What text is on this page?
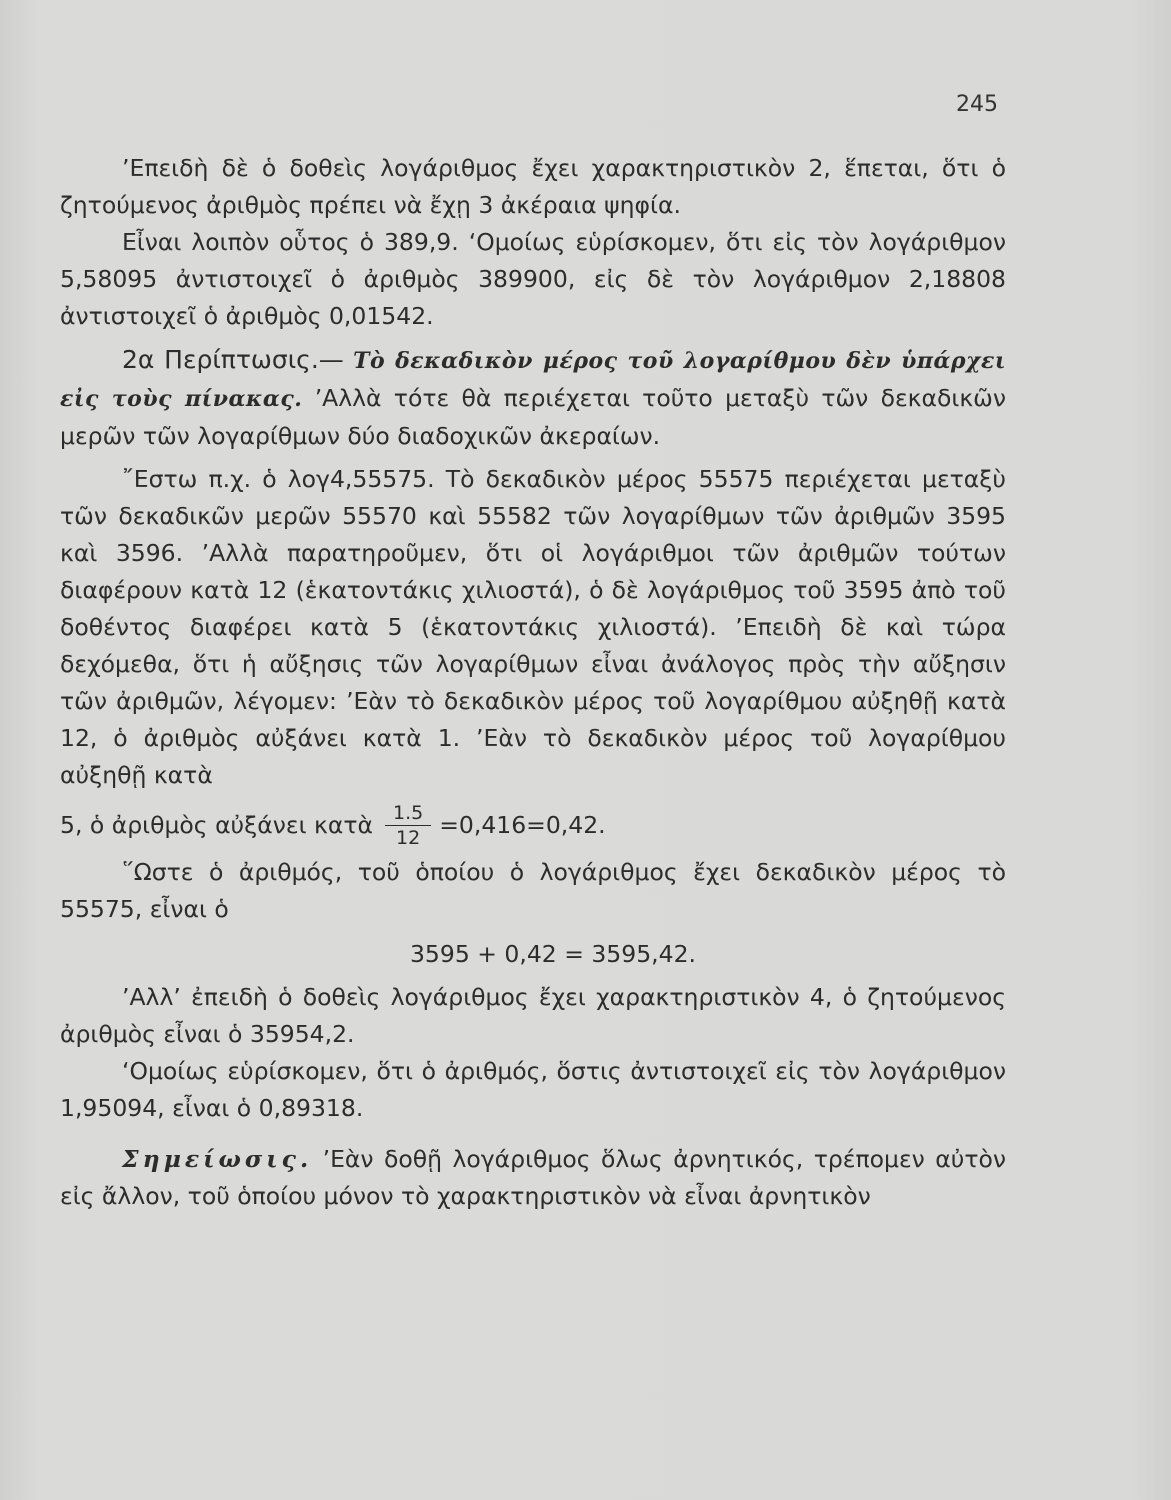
245

’Επειδὴ δὲ ὁ δοθεὶς λογάριθμος ἔχει χαρακτηριστικὸν 2, ἕπεται, ὅτι ὁ ζητούμενος ἀριθμὸς πρέπει νὰ ἔχῃ 3 ἀκέραια ψηφία.

Εἶναι λοιπὸν οὗτος ὁ 389,9. ‘Ομοίως εὑρίσκομεν, ὅτι εἰς τὸν λογάριθμον 5,58095 ἀντιστοιχεῖ ὁ ἀριθμὸς 389900, εἰς δὲ τὸν λογάριθμον 2,18808 ἀντιστοιχεῖ ὁ ἀριθμὸς 0,01542.

2α Περίπτωσις.— Τὸ δεκαδικὸν μέρος τοῦ λογαρίθμου δὲν ὑπάρχει εἰς τοὺς πίνακας. ’Αλλὰ τότε θὰ περιέχεται τοῦτο μεταξὺ τῶν δεκαδικῶν μερῶν τῶν λογαρίθμων δύο διαδοχικῶν ἀκεραίων.

῎Εστω π.χ. ὁ λογ4,55575. Τὸ δεκαδικὸν μέρος 55575 περιέχεται μεταξὺ τῶν δεκαδικῶν μερῶν 55570 καὶ 55582 τῶν λογαρίθμων τῶν ἀριθμῶν 3595 καὶ 3596. ’Αλλὰ παρατηροῦμεν, ὅτι οἱ λογάριθμοι τῶν ἀριθμῶν τούτων διαφέρουν κατὰ 12 (ἑκατοντάκις χιλιοστά), ὁ δὲ λογάριθμος τοῦ 3595 ἀπὸ τοῦ δοθέντος διαφέρει κατὰ 5 (ἑκατοντάκις χιλιοστά). ’Επειδὴ δὲ καὶ τώρα δεχόμεθα, ὅτι ἡ αὔξησις τῶν λογαρίθμων εἶναι ἀνάλογος πρὸς τὴν αὔξησιν τῶν ἀριθμῶν, λέγομεν: ’Εὰν τὸ δεκαδικὸν μέρος τοῦ λογαρίθμου αὐξηθῇ κατὰ 12, ὁ ἀριθμὸς αὐξάνει κατὰ 1. ’Εὰν τὸ δεκαδικὸν μέρος τοῦ λογαρίθμου αὐξηθῇ κατὰ

5, ὁ ἀριθμὸς αὐξάνει κατὰ $\frac{1.5}{12} =0,416=0,42$.

῞Ωστε ὁ ἀριθμός, τοῦ ὁποίου ὁ λογάριθμος ἔχει δεκαδικὸν μέρος τὸ 55575, εἶναι ὁ

3595 + 0,42 = 3595,42.

’Αλλ’ ἐπειδὴ ὁ δοθεὶς λογάριθμος ἔχει χαρακτηριστικὸν 4, ὁ ζητούμενος ἀριθμὸς εἶναι ὁ 35954,2.

‘Ομοίως εὑρίσκομεν, ὅτι ὁ ἀριθμός, ὅστις ἀντιστοιχεῖ εἰς τὸν λογάριθμον 1,95094, εἶναι ὁ 0,89318.

Σημείωσις. ’Εὰν δοθῇ λογάριθμος ὅλως ἀρνητικός, τρέπομεν αὐτὸν εἰς ἄλλον, τοῦ ὁποίου μόνον τὸ χαρακτηριστικὸν νὰ εἶναι ἀρνητικὸν
